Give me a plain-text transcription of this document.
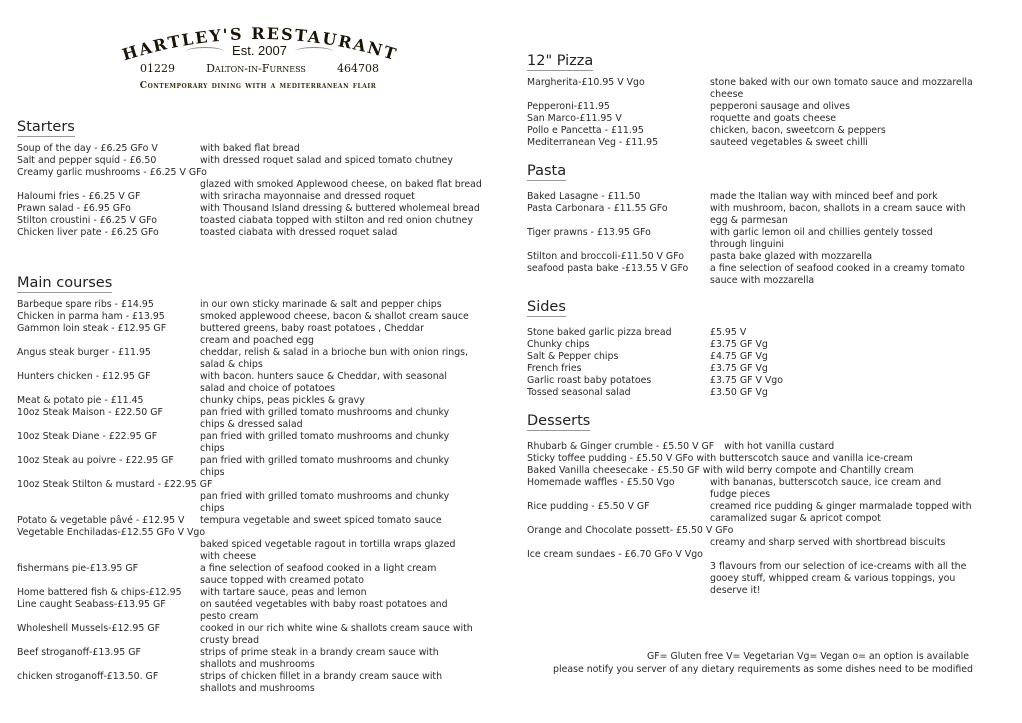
HARTLEY'S RESTAURANT
Est. 2007
01229	Dalton-in-Furness	464708
Contemporary dining with a mediterranean flair
Starters
Soup of the day - £6.25 GFo V	with baked flat bread
Salt and pepper squid - £6.50	with dressed roquet salad and spiced tomato chutney
Creamy garlic mushrooms - £6.25 V GFo
glazed with smoked Applewood cheese, on baked flat bread
Haloumi fries - £6.25 V GF	with sriracha mayonnaise and dressed roquet
Prawn salad - £6.95 GFo	with Thousand Island dressing & buttered wholemeal bread
Stilton croustini - £6.25 V GFo	toasted ciabata topped with stilton and red onion chutney
Chicken liver pate - £6.25 GFo	toasted ciabata with dressed roquet salad
Main courses
Barbeque spare ribs - £14.95	in our own sticky marinade & salt and pepper chips
Chicken in parma ham - £13.95	smoked applewood cheese, bacon & shallot cream sauce
Gammon loin steak - £12.95 GF	buttered greens, baby roast potatoes , Cheddar cream and poached egg
Angus steak burger - £11.95	cheddar, relish & salad in a brioche bun with onion rings, salad & chips
Hunters chicken - £12.95 GF	with bacon. hunters sauce & Cheddar, with seasonal salad and choice of potatoes
Meat & potato pie - £11.45	chunky chips, peas pickles & gravy
10oz Steak Maison - £22.50 GF	pan fried with grilled tomato mushrooms and chunky chips & dressed salad
10oz Steak Diane - £22.95 GF	pan fried with grilled tomato mushrooms and chunky chips
10oz Steak au poivre - £22.95 GF	pan fried with grilled tomato mushrooms and chunky chips
10oz Steak Stilton & mustard - £22.95 GF
pan fried with grilled tomato mushrooms and chunky chips
Potato & vegetable pâvé - £12.95 V	tempura vegetable and sweet spiced tomato sauce
Vegetable Enchiladas-£12.55 GFo V Vgo
baked spiced vegetable ragout in tortilla wraps glazed with cheese
fishermans pie-£13.95 GF	a fine selection of seafood cooked in a light cream sauce topped with creamed potato
Home battered fish & chips-£12.95	with tartare sauce, peas and lemon
Line caught Seabass-£13.95 GF	on sautéed vegetables with baby roast potatoes and pesto cream
Wholeshell Mussels-£12.95 GF	cooked in our rich white wine & shallots cream sauce with crusty bread
Beef stroganoff-£13.95 GF	strips of prime steak in a brandy cream sauce with shallots and mushrooms
chicken stroganoff-£13.50. GF	strips of chicken fillet in a brandy cream sauce with shallots and mushrooms
12" Pizza
Margherita-£10.95 V Vgo	stone baked with our own tomato sauce and mozzarella cheese
Pepperoni-£11.95	pepperoni sausage and olives
San Marco-£11.95 V	roquette and goats cheese
Pollo e Pancetta - £11.95	chicken, bacon, sweetcorn & peppers
Mediterranean Veg - £11.95	sauteed vegetables & sweet chilli
Pasta
Baked Lasagne - £11.50	made the Italian way with minced beef and pork
Pasta Carbonara - £11.55 GFo	with mushroom, bacon, shallots in a cream sauce with egg & parmesan
Tiger prawns - £13.95 GFo	with garlic lemon oil and chillies gentely tossed through linguini
Stilton and broccoli-£11.50 V GFo	pasta bake glazed with mozzarella
seafood pasta bake -£13.55 V GFo	a fine selection of seafood cooked in a creamy tomato sauce with mozzarella
Sides
Stone baked garlic pizza bread	£5.95 V
Chunky chips	£3.75 GF Vg
Salt & Pepper chips	£4.75 GF Vg
French fries	£3.75 GF Vg
Garlic roast baby potatoes	£3.75 GF V Vgo
Tossed seasonal salad	£3.50 GF Vg
Desserts
Rhubarb & Ginger crumble - £5.50 V GF	with hot vanilla custard
Sticky toffee pudding - £5.50 V GFo with butterscotch sauce and vanilla ice-cream
Baked Vanilla cheesecake - £5.50 GF with wild berry compote and Chantilly cream
Homemade waffles - £5.50 Vgo	with bananas, butterscotch sauce, ice cream and fudge pieces
Rice pudding - £5.50 V GF	creamed rice pudding & ginger marmalade topped with caramalized sugar & apricot compot
Orange and Chocolate possett- £5.50 V GFo
creamy and sharp served with shortbread biscuits
Ice cream sundaes - £6.70 GFo V Vgo
3 flavours from our selection of ice-creams with all the gooey stuff, whipped cream & various toppings, you deserve it!
GF= Gluten free V= Vegetarian Vg= Vegan o= an option is available
please notify you server of any dietary requirements as some dishes need to be modified
